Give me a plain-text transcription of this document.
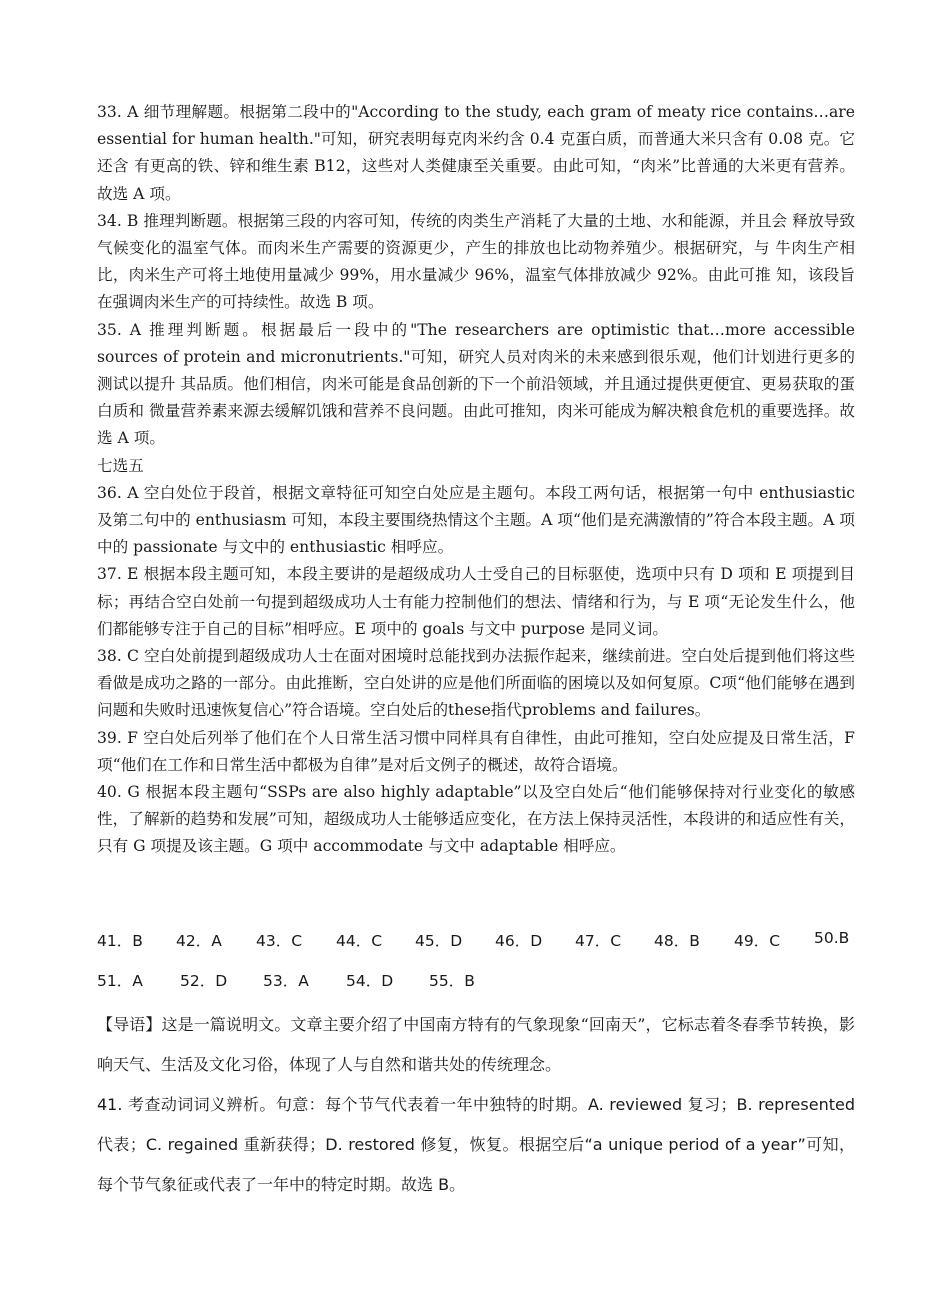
33. A 细节理解题。根据第二段中的"According to the study, each gram of meaty rice contains…are essential for human health."可知，研究表明每克肉米约含 0.4 克蛋白质，而普通大米只含有 0.08 克。它还含 有更高的铁、锌和维生素 B12，这些对人类健康至关重要。由此可知，“肉米”比普通的大米更有营养。故选 A 项。

34. B 推理判断题。根据第三段的内容可知，传统的肉类生产消耗了大量的土地、水和能源，并且会 释放导致气候变化的温室气体。而肉米生产需要的资源更少，产生的排放也比动物养殖少。根据研究，与 牛肉生产相比，肉米生产可将土地使用量减少 99%，用水量减少 96%，温室气体排放减少 92%。由此可推 知，该段旨在强调肉米生产的可持续性。故选 B 项。

35. A 推理判断题。根据最后一段中的"The researchers are optimistic that…more accessible sources of protein and micronutrients."可知，研究人员对肉米的未来感到很乐观，他们计划进行更多的测试以提升 其品质。他们相信，肉米可能是食品创新的下一个前沿领域，并且通过提供更便宜、更易获取的蛋白质和 微量营养素来源去缓解饥饿和营养不良问题。由此可推知，肉米可能成为解决粮食危机的重要选择。故选 A 项。

七选五

36. A 空白处位于段首，根据文章特征可知空白处应是主题句。本段工两句话，根据第一句中 enthusiastic 及第二句中的 enthusiasm 可知，本段主要围绕热情这个主题。A 项“他们是充满激情的”符合本段主题。A 项中的 passionate 与文中的 enthusiastic 相呼应。

37. E 根据本段主题可知，本段主要讲的是超级成功人士受自己的目标驱使，选项中只有 D 项和 E 项提到目标；再结合空白处前一句提到超级成功人士有能力控制他们的想法、情绪和行为，与 E 项“无论发生什么，他们都能够专注于自己的目标”相呼应。E 项中的 goals 与文中 purpose 是同义词。

38. C 空白处前提到超级成功人士在面对困境时总能找到办法振作起来，继续前进。空白处后提到他们将这些看做是成功之路的一部分。由此推断，空白处讲的应是他们所面临的困境以及如何复原。C项“他们能够在遇到问题和失败时迅速恢复信心”符合语境。空白处后的these指代problems and failures。

39. F 空白处后列举了他们在个人日常生活习惯中同样具有自律性，由此可推知，空白处应提及日常生活，F 项“他们在工作和日常生活中都极为自律”是对后文例子的概述，故符合语境。

40. G 根据本段主题句“SSPs are also highly adaptable”以及空白处后“他们能够保持对行业变化的敏感性，了解新的趋势和发展”可知，超级成功人士能够适应变化，在方法上保持灵活性，本段讲的和适应性有关，只有 G 项提及该主题。G 项中 accommodate 与文中 adaptable 相呼应。

41．B 42．A 43．C 44．C 45．D 46．D 47．C 48．B 49．C 50.B
51．A 52．D 53．A 54．D 55．B

【导语】这是一篇说明文。文章主要介绍了中国南方特有的气象现象“回南天”，它标志着冬春季节转换，影响天气、生活及文化习俗，体现了人与自然和谐共处的传统理念。

41. 考查动词词义辨析。句意：每个节气代表着一年中独特的时期。A. reviewed 复习；B. represented 代表；C. regained 重新获得；D. restored 修复，恢复。根据空后“a unique period of a year”可知，每个节气象征或代表了一年中的特定时期。故选 B。
